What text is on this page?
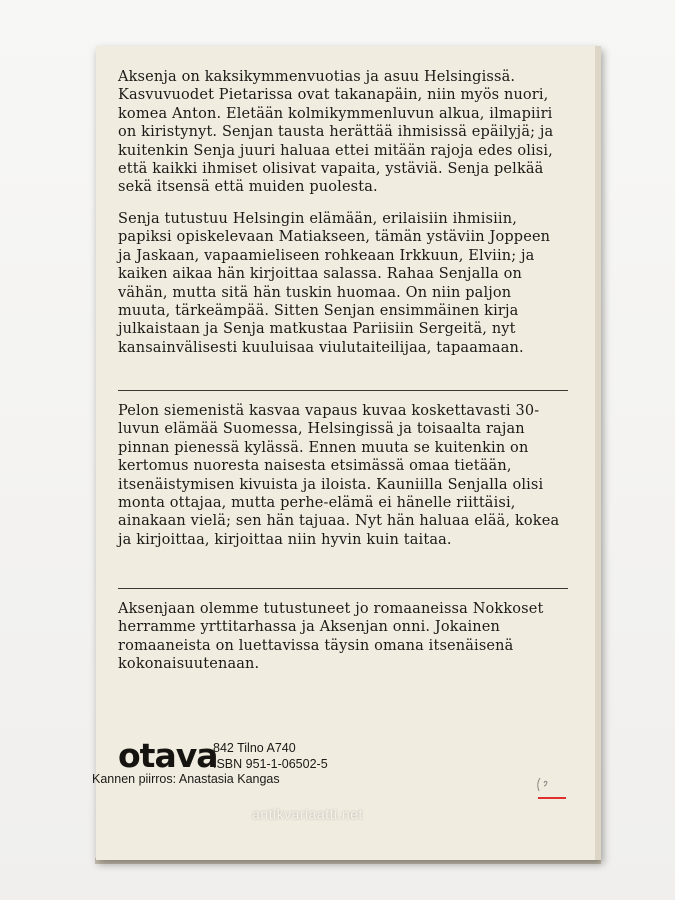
Aksenja on kaksikymmenvuotias ja asuu Helsingissä. Kasvuvuodet Pietarissa ovat takanapäin, niin myös nuori, komea Anton. Eletään kolmikymmenluvun alkua, ilmapiiri on kiristynyt. Senjan tausta herättää ihmisissä epäilyjä; ja kuitenkin Senja juuri haluaa ettei mitään rajoja edes olisi, että kaikki ihmiset olisivat vapaita, ystäviä. Senja pelkää sekä itsensä että muiden puolesta.

Senja tutustuu Helsingin elämään, erilaisiin ihmisiin, papiksi opiskelevaan Matiakseen, tämän ystäviin Joppeen ja Jaskaan, vapaamieliseen rohkeaan Irkkuun, Elviin; ja kaiken aikaa hän kirjoittaa salassa. Rahaa Senjalla on vähän, mutta sitä hän tuskin huomaa. On niin paljon muuta, tärkeämpää. Sitten Senjan ensimmäinen kirja julkaistaan ja Senja matkustaa Pariisiin Sergeitä, nyt kansainvälisesti kuuluisaa viulutaiteilijaa, tapaamaan.

Pelon siemenistä kasvaa vapaus kuvaa koskettavasti 30-luvun elämää Suomessa, Helsingissä ja toisaalta rajan pinnan pienessä kylässä. Ennen muuta se kuitenkin on kertomus nuoresta naisesta etsimässä omaa tietään, itsenäistymisen kivuista ja iloista. Kauniilla Senjalla olisi monta ottajaa, mutta perhe-elämä ei hänelle riittäisi, ainakaan vielä; sen hän tajuaa. Nyt hän haluaa elää, kokea ja kirjoittaa, kirjoittaa niin hyvin kuin taitaa.

Aksenjaan olemme tutustuneet jo romaaneissa Nokkoset herramme yrttitarhassa ja Aksenjan onni. Jokainen romaaneista on luettavissa täysin omana itsenäisenä kokonaisuutenaan.

otava
842 Tilno A740
ISBN 951-1-06502-5
Kannen piirros: Anastasia Kangas
antikvariaatti.net
